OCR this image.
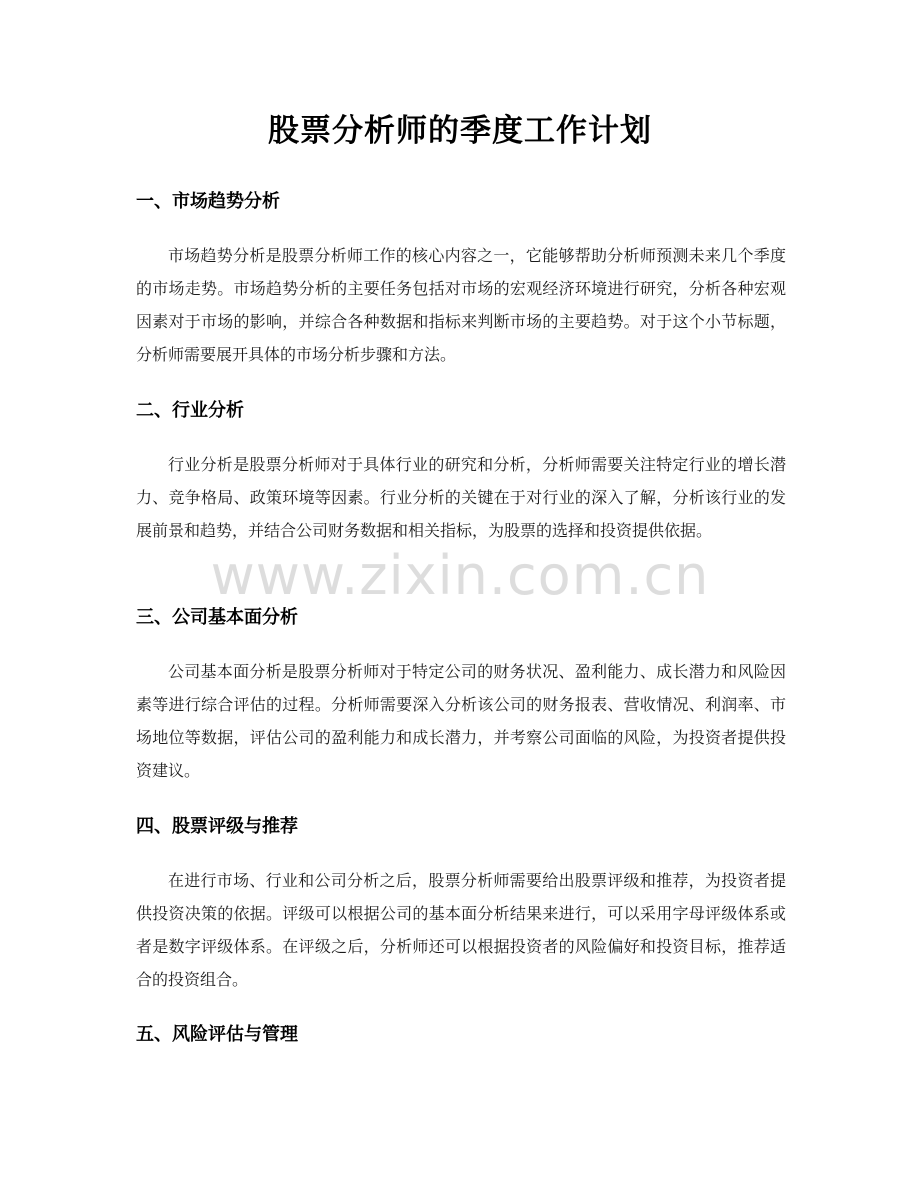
股票分析师的季度工作计划
一、市场趋势分析

市场趋势分析是股票分析师工作的核心内容之一，它能够帮助分析师预测未来几个季度的市场走势。市场趋势分析的主要任务包括对市场的宏观经济环境进行研究，分析各种宏观因素对于市场的影响，并综合各种数据和指标来判断市场的主要趋势。对于这个小节标题，分析师需要展开具体的市场分析步骤和方法。

二、行业分析

行业分析是股票分析师对于具体行业的研究和分析，分析师需要关注特定行业的增长潜力、竞争格局、政策环境等因素。行业分析的关键在于对行业的深入了解，分析该行业的发展前景和趋势，并结合公司财务数据和相关指标，为股票的选择和投资提供依据。

三、公司基本面分析

公司基本面分析是股票分析师对于特定公司的财务状况、盈利能力、成长潜力和风险因素等进行综合评估的过程。分析师需要深入分析该公司的财务报表、营收情况、利润率、市场地位等数据，评估公司的盈利能力和成长潜力，并考察公司面临的风险，为投资者提供投资建议。

四、股票评级与推荐

在进行市场、行业和公司分析之后，股票分析师需要给出股票评级和推荐，为投资者提供投资决策的依据。评级可以根据公司的基本面分析结果来进行，可以采用字母评级体系或者是数字评级体系。在评级之后，分析师还可以根据投资者的风险偏好和投资目标，推荐适合的投资组合。

五、风险评估与管理
www.zixin.com.cn
